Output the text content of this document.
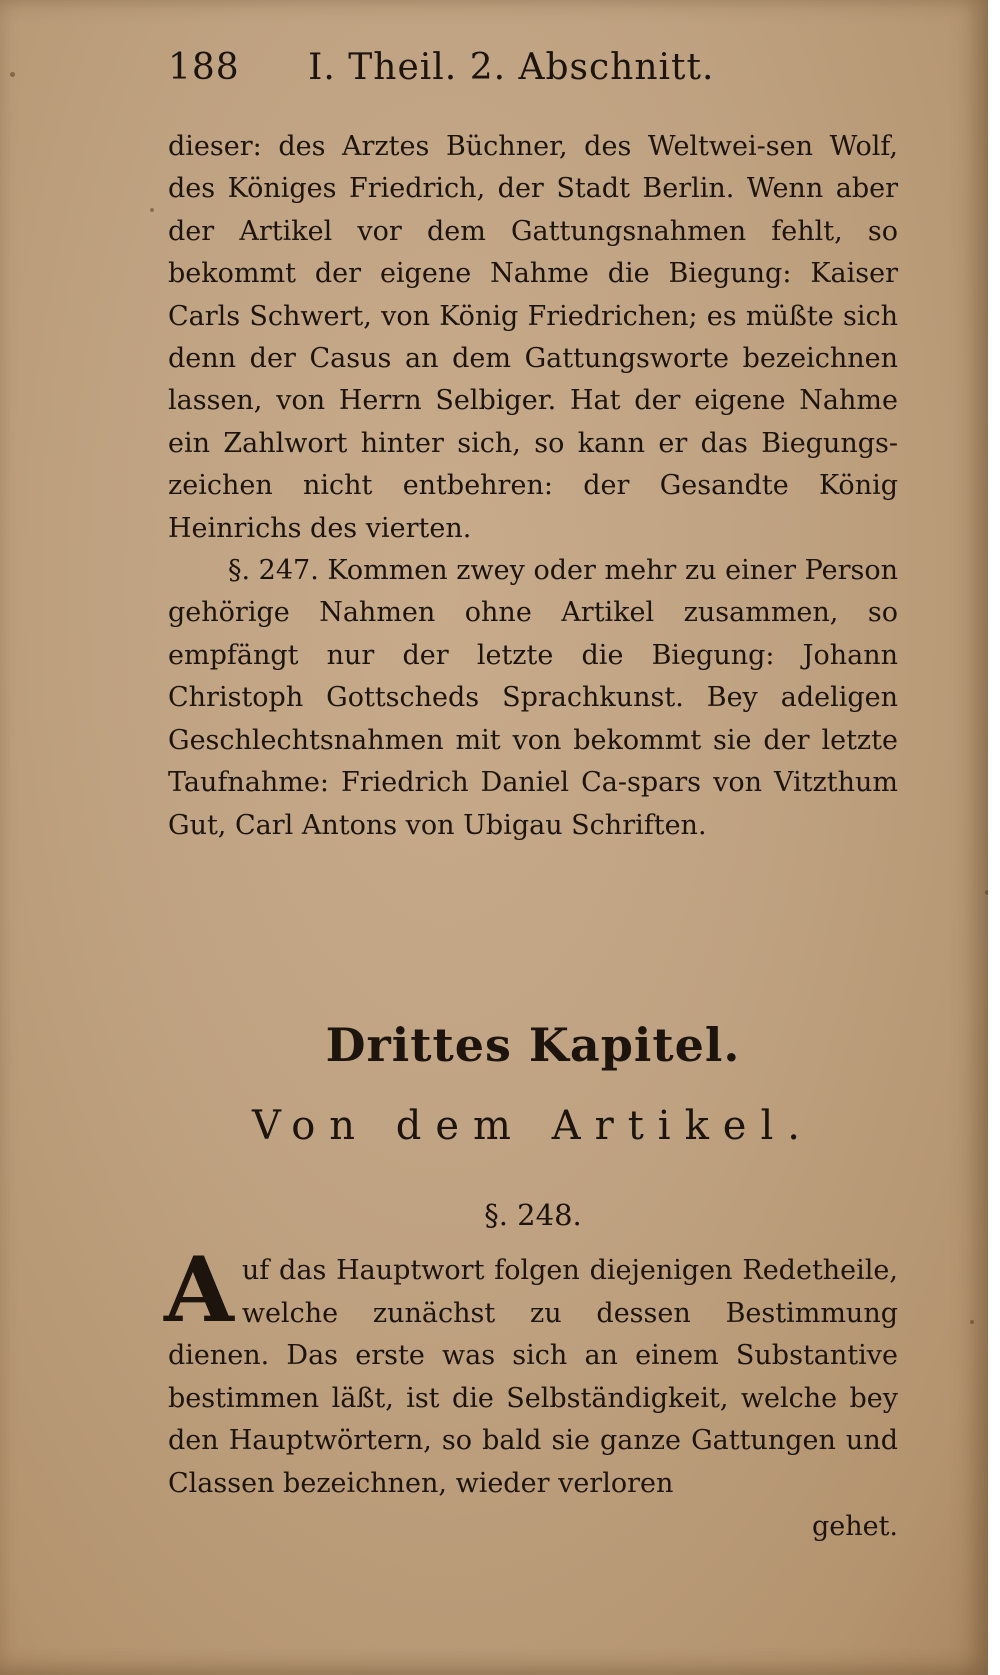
188 I. Theil. 2. Abschnitt.

dieser: des Arztes Büchner, des Weltwei-sen Wolf, des Königes Friedrich, der Stadt Berlin. Wenn aber der Artikel vor dem Gattungsnahmen fehlt, so bekommt der eigene Nahme die Biegung: Kaiser Carls Schwert, von König Friedrichen; es müßte sich denn der Casus an dem Gattungsworte bezeichnen lassen, von Herrn Selbiger. Hat der eigene Nahme ein Zahlwort hinter sich, so kann er das Biegungs-zeichen nicht entbehren: der Gesandte König Heinrichs des vierten.

§. 247. Kommen zwey oder mehr zu einer Person gehörige Nahmen ohne Artikel zusammen, so empfängt nur der letzte die Biegung: Johann Christoph Gottscheds Sprachkunst. Bey adeligen Geschlechtsnahmen mit von bekommt sie der letzte Taufnahme: Friedrich Daniel Ca-spars von Vitzthum Gut, Carl Antons von Ubigau Schriften.

Drittes Kapitel.
Von dem Artikel.
§. 248.
A uf das Hauptwort folgen diejenigen Redetheile, welche zunächst zu dessen Bestimmung dienen. Das erste was sich an einem Substantive bestimmen läßt, ist die Selbständigkeit, welche bey den Hauptwörtern, so bald sie ganze Gattungen und Classen bezeichnen, wieder verloren
gehet.
